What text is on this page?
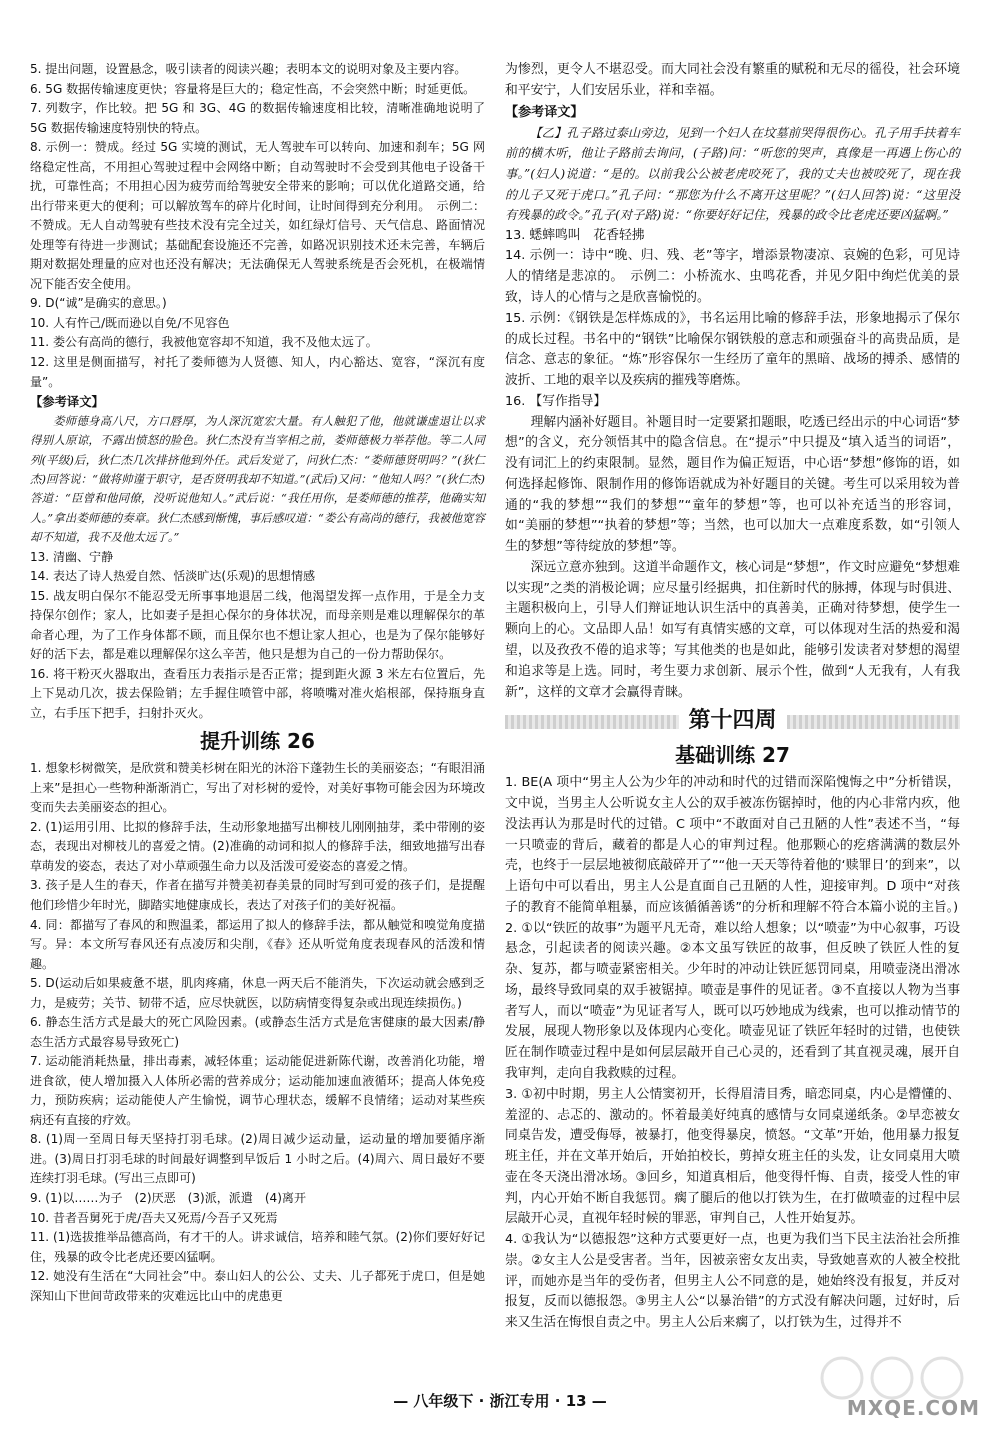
5. 提出问题，设置悬念，吸引读者的阅读兴趣；表明本文的说明对象及主要内容。

6. 5G 数据传输速度更快；容量将是巨大的；稳定性高，不会突然中断；时延更低。

7. 列数字，作比较。把 5G 和 3G、4G 的数据传输速度相比较，清晰准确地说明了 5G 数据传输速度特别快的特点。

8. 示例一：赞成。经过 5G 实境的测试，无人驾驶车可以转向、加速和刹车；5G 网络稳定性高，不用担心驾驶过程中会网络中断；自动驾驶时不会受到其他电子设备干扰，可靠性高；不用担心因为疲劳而给驾驶安全带来的影响；可以优化道路交通，给出行带来更大的便利；可以解放驾车的碎片化时间，让时间得到充分利用。　示例二：不赞成。无人自动驾驶有些技术没有完全过关，如红绿灯信号、天气信息、路面情况处理等有待进一步测试；基础配套设施还不完善，如路况识别技术还未完善，车辆后期对数据处理量的应对也还没有解决；无法确保无人驾驶系统是否会死机，在极端情况下能否安全使用。

9. D(“诚”是确实的意思。)

10. 人有忤己/既而逊以自免/不见容色

11. 娄公有高尚的德行，我被他宽容却不知道，我不及他太远了。

12. 这里是侧面描写，衬托了娄师德为人贤德、知人，内心豁达、宽容，“深沉有度量”。

【参考译文】

娄师德身高八尺，方口唇厚，为人深沉宽宏大量。有人触犯了他，他就谦虚退让以求得别人原谅，不露出愤怒的脸色。狄仁杰没有当宰相之前，娄师德极力举荐他。等二人同列(平级)后，狄仁杰几次排挤他到外任。武后发觉了，问狄仁杰：“娄师德贤明吗？”(狄仁杰)回答说：“做将帅谨于职守，是否贤明我却不知道。”(武后)又问：“他知人吗？”(狄仁杰)答道：“臣曾和他同僚，没听说他知人。”武后说：“我任用你，是娄师德的推荐，他确实知人。”拿出娄师德的奏章。狄仁杰感到惭愧，事后感叹道：“娄公有高尚的德行，我被他宽容却不知道，我不及他太远了。”

13. 清幽、宁静

14. 表达了诗人热爱自然、恬淡旷达(乐观)的思想情感

15. 战友明白保尔不能忍受无所事事地退居二线，他渴望发挥一点作用，于是全力支持保尔创作；家人，比如妻子是担心保尔的身体状况，而母亲则是难以理解保尔的革命者心理，为了工作身体都不顾，而且保尔也不想让家人担心，也是为了保尔能够好好的活下去，都是难以理解保尔这么辛苦，他只是想为自己的一份力帮助保尔。

16. 将干粉灭火器取出，查看压力表指示是否正常；提到距火源 3 米左右位置后，先上下晃动几次，拔去保险销；左手握住喷管中部，将喷嘴对准火焰根部，保持瓶身直立，右手压下把手，扫射扑灭火。

提升训练 26

1. 想象杉树微笑，是欣赏和赞美杉树在阳光的沐浴下蓬勃生长的美丽姿态；“有眼泪涌上来”是担心一些物种渐渐消亡，写出了对杉树的爱怜，对美好事物可能会因为环境改变而失去美丽姿态的担心。

2. (1)运用引用、比拟的修辞手法，生动形象地描写出柳枝儿刚刚抽芽，柔中带刚的姿态，表现出对柳枝儿的喜爱之情。(2)准确的动词和拟人的修辞手法，细致地描写出春草萌发的姿态，表达了对小草顽强生命力以及活泼可爱姿态的喜爱之情。

3. 孩子是人生的春天，作者在描写并赞美初春美景的同时写到可爱的孩子们，是提醒他们珍惜少年时光，脚踏实地健康成长，表达了对孩子们的美好祝福。

4. 同：都描写了春风的和煦温柔，都运用了拟人的修辞手法，都从触觉和嗅觉角度描写。异：本文所写春风还有点凌厉和尖削，《春》还从听觉角度表现春风的活泼和情趣。

5. D(运动后如果疲惫不堪，肌肉疼痛，休息一两天后不能消失，下次运动就会感到乏力，是疲劳；关节、韧带不适，应尽快就医，以防病情变得复杂或出现连续损伤。)

6. 静态生活方式是最大的死亡风险因素。(或静态生活方式是危害健康的最大因素/静态生活方式最容易导致死亡)

7. 运动能消耗热量，排出毒素，减轻体重；运动能促进新陈代谢，改善消化功能，增进食欲，使人增加摄入人体所必需的营养成分；运动能加速血液循环；提高人体免疫力，预防疾病；运动能使人产生愉悦，调节心理状态，缓解不良情绪；运动对某些疾病还有直接的疗效。

8. (1)周一至周日每天坚持打羽毛球。(2)周日减少运动量，运动量的增加要循序渐进。(3)周日打羽毛球的时间最好调整到早饭后 1 小时之后。(4)周六、周日最好不要连续打羽毛球。(写出三点即可)

9. (1)以……为子　(2)厌恶　(3)派，派遣　(4)离开

10. 昔者吾舅死于虎/吾夫又死焉/今吾子又死焉

11. (1)选拔推举品德高尚，有才干的人。讲求诚信，培养和睦气氛。(2)你们要好好记住，残暴的政令比老虎还要凶猛啊。

12. 她没有生活在“大同社会”中。泰山妇人的公公、丈夫、儿子都死于虎口，但是她深知山下世间苛政带来的灾难远比山中的虎患更

为惨烈，更令人不堪忍受。而大同社会没有繁重的赋税和无尽的徭役，社会环境和平安宁，人们安居乐业，祥和幸福。

【参考译文】

【乙】孔子路过泰山旁边，见到一个妇人在坟墓前哭得很伤心。孔子用手扶着车前的横木听，他让子路前去询问，(子路)问：“听您的哭声，真像是一再遇上伤心的事。”(妇人)说道：“是的。以前我公公被老虎咬死了，我的丈夫也被咬死了，现在我的儿子又死于虎口。”孔子问：“那您为什么不离开这里呢？”(妇人回答)说：“这里没有残暴的政令。”孔子(对子路)说：“你要好好记住，残暴的政令比老虎还要凶猛啊。”

13. 蟋蟀鸣叫　花香轻拂

14. 示例一：诗中“晚、归、残、老”等字，增添景物凄凉、哀婉的色彩，可见诗人的情绪是悲凉的。　示例二：小桥流水、虫鸣花香，并见夕阳中绚烂优美的景致，诗人的心情与之是欣喜愉悦的。

15. 示例：《钢铁是怎样炼成的》，书名运用比喻的修辞手法，形象地揭示了保尔的成长过程。书名中的“钢铁”比喻保尔钢铁般的意志和顽强奋斗的高贵品质，是信念、意志的象征。“炼”形容保尔一生经历了童年的黑暗、战场的搏杀、感情的波折、工地的艰辛以及疾病的摧残等磨炼。

16. 【写作指导】

　　理解内涵补好题目。补题目时一定要紧扣题眼，吃透已经出示的中心词语“梦想”的含义，充分领悟其中的隐含信息。在“提示”中只提及“填入适当的词语”，没有词汇上的约束限制。显然，题目作为偏正短语，中心语“梦想”修饰的语，如何选择起修饰、限制作用的修饰语就成为补好题目的关键。考生可以采用较为普通的“我的梦想”“我们的梦想”“童年的梦想”等，也可以补充适当的形容词，如“美丽的梦想”“执着的梦想”等；当然，也可以加大一点难度系数，如“引领人生的梦想”等待绽放的梦想”等。

　　深远立意亦独到。这道半命题作文，核心词是“梦想”，作文时应避免“梦想难以实现”之类的消极论调；应尽量引经据典，扣住新时代的脉搏，体现与时俱进、主题积极向上，引导人们辩证地认识生活中的真善美，正确对待梦想，使学生一颗向上的心。文品即人品！如写有真情实感的文章，可以体现对生活的热爱和渴望，以及孜孜不倦的追求等；写其他类的也是如此，能够引发读者对梦想的渴望和追求等是上选。同时，考生要力求创新、展示个性，做到“人无我有，人有我新”，这样的文章才会赢得青睐。

第十四周
基础训练 27

1. BE(A 项中“男主人公为少年的冲动和时代的过错而深陷愧悔之中”分析错误，文中说，当男主人公听说女主人公的双手被冻伤锯掉时，他的内心非常内疚，他没法再认为那是时代的过错。C 项中“不敢面对自己丑陋的人性”表述不当，“每一只喷壶的背后，藏着的都是人心的审判过程。他那颗心的疙瘩满满的数层外壳，也终于一层层地被彻底敲碎开了”“他一天天等待着他的‘赎罪日’的到来”，以上语句中可以看出，男主人公是直面自己丑陋的人性，迎接审判。D 项中“对孩子的教育不能简单粗暴，而应该循循善诱”的分析和理解不符合本篇小说的主旨。)

2. ①以“铁匠的故事”为题平凡无奇，难以给人想象；以“喷壶”为中心叙事，巧设悬念，引起读者的阅读兴趣。②本文虽写铁匠的故事，但反映了铁匠人性的复杂、复苏，都与喷壶紧密相关。少年时的冲动让铁匠惩罚同桌，用喷壶浇出滑冰场，最终导致同桌的双手被锯掉。喷壶是事件的见证者。③不直接以人物为当事者写人，而以“喷壶”为见证者写人，既可以巧妙地成为线索，也可以推动情节的发展，展现人物形象以及体现内心变化。喷壶见证了铁匠年轻时的过错，也使铁匠在制作喷壶过程中是如何层层敲开自己心灵的，还看到了其直视灵魂，展开自我审判，走向自我救赎的过程。

3. ①初中时期，男主人公情窦初开，长得眉清目秀，暗恋同桌，内心是懵懂的、羞涩的、忐忑的、激动的。怀着最美好纯真的感情与女同桌递纸条。②早恋被女同桌告发，遭受侮辱，被暴打，他变得暴戾，愤怒。“文革”开始，他用暴力报复班主任，并在文革开始后，开始拍校长，剪掉女班主任的头发，让女同桌用大喷壶在冬天浇出滑冰场。③回乡，知道真相后，他变得忏悔、自责，接受人性的审判，内心开始不断自我惩罚。瘸了腿后的他以打铁为生，在打做喷壶的过程中层层敲开心灵，直视年轻时候的罪恶，审判自己，人性开始复苏。

4. ①我认为“以德报怨”这种方式要更好一点，也更为我们当下民主法治社会所推崇。②女主人公是受害者。当年，因被亲密女友出卖，导致她喜欢的人被全校批评，而她亦是当年的受伤者，但男主人公不同意的是，她始终没有报复，并反对报复，反而以德报怨。③男主人公“以暴治错”的方式没有解决问题，过好时，后来又生活在悔恨自责之中。男主人公后来瘸了，以打铁为生，过得并不

— 八年级下 · 浙江专用 · 13 —	MXQE.COM
